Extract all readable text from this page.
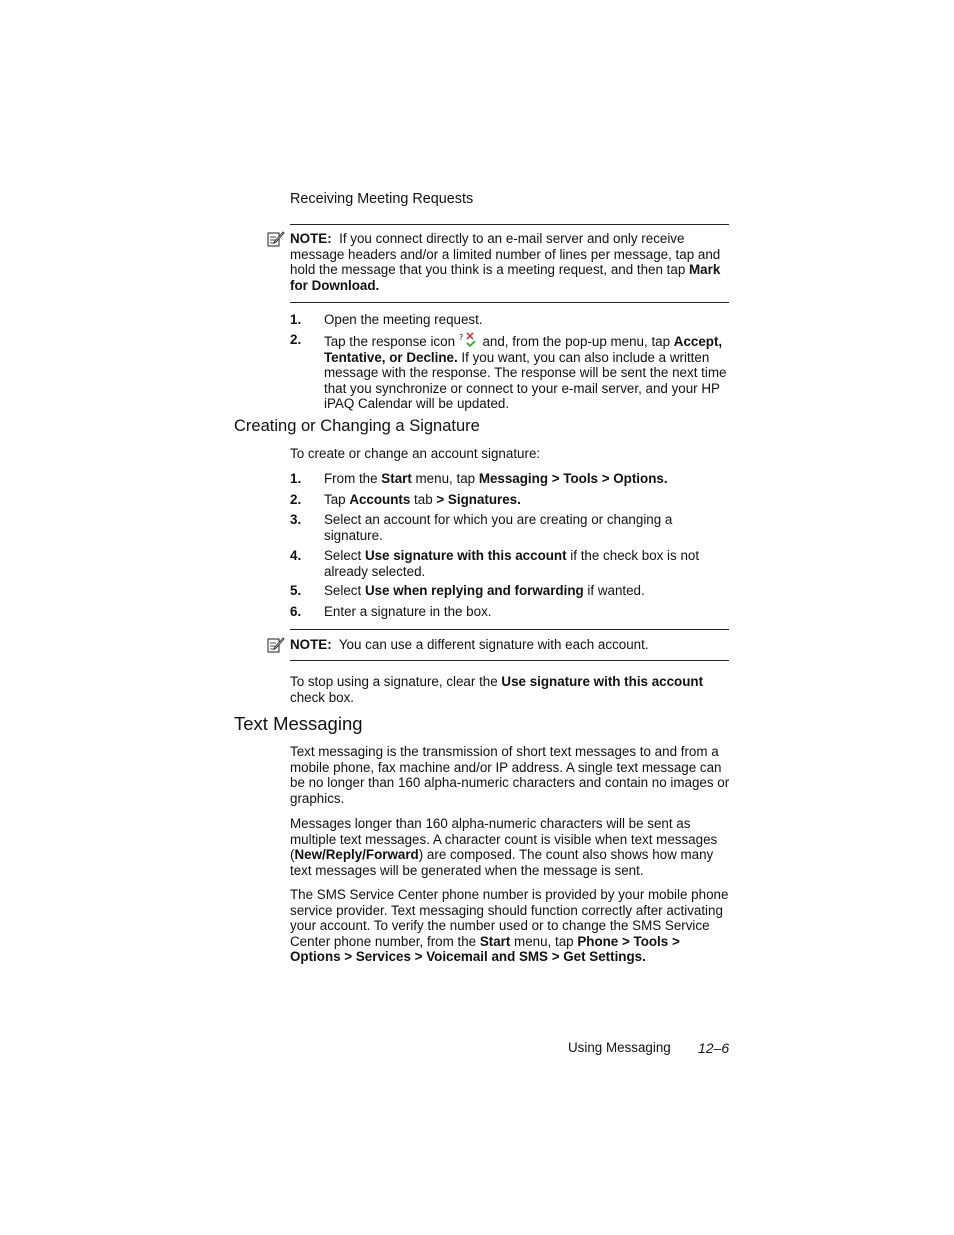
Receiving Meeting Requests
NOTE: If you connect directly to an e-mail server and only receive message headers and/or a limited number of lines per message, tap and hold the message that you think is a meeting request, and then tap Mark for Download.
1. Open the meeting request.
2. Tap the response icon ? and, from the pop-up menu, tap Accept, Tentative, or Decline. If you want, you can also include a written message with the response. The response will be sent the next time that you synchronize or connect to your e-mail server, and your HP iPAQ Calendar will be updated.
Creating or Changing a Signature
To create or change an account signature:
1. From the Start menu, tap Messaging > Tools > Options.
2. Tap Accounts tab > Signatures.
3. Select an account for which you are creating or changing a signature.
4. Select Use signature with this account if the check box is not already selected.
5. Select Use when replying and forwarding if wanted.
6. Enter a signature in the box.
NOTE: You can use a different signature with each account.
To stop using a signature, clear the Use signature with this account check box.
Text Messaging
Text messaging is the transmission of short text messages to and from a mobile phone, fax machine and/or IP address. A single text message can be no longer than 160 alpha-numeric characters and contain no images or graphics.
Messages longer than 160 alpha-numeric characters will be sent as multiple text messages. A character count is visible when text messages (New/Reply/Forward) are composed. The count also shows how many text messages will be generated when the message is sent.
The SMS Service Center phone number is provided by your mobile phone service provider. Text messaging should function correctly after activating your account. To verify the number used or to change the SMS Service Center phone number, from the Start menu, tap Phone > Tools > Options > Services > Voicemail and SMS > Get Settings.
Using Messaging 12–6
